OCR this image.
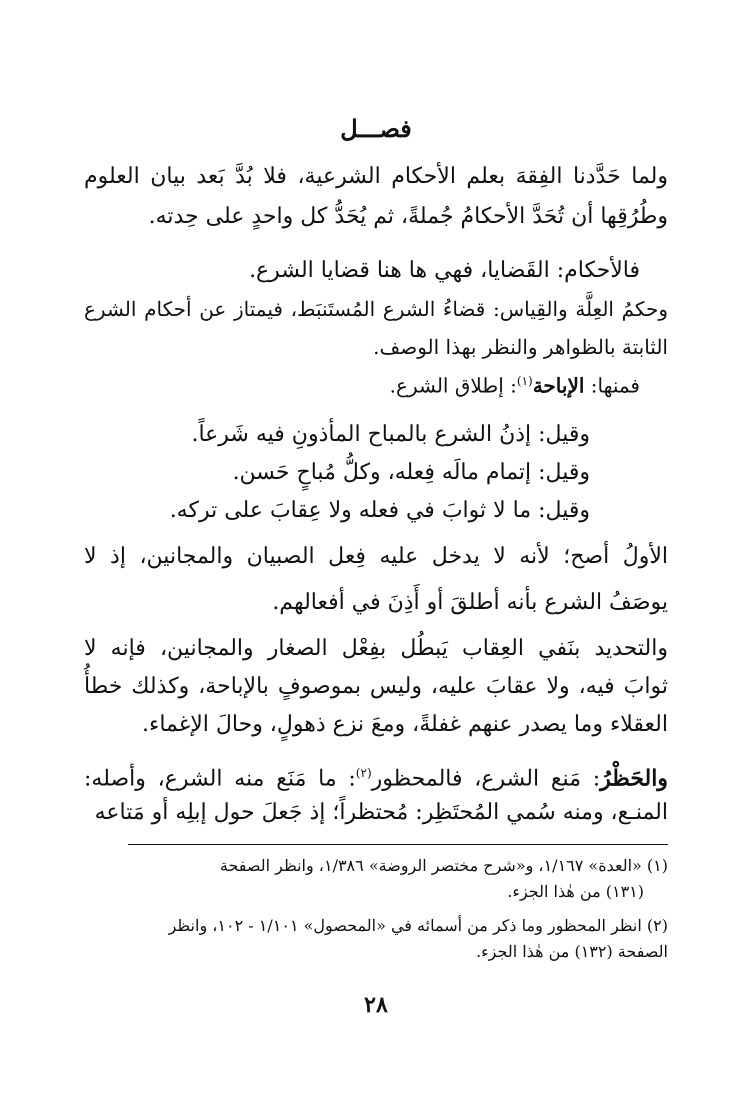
فصـــل
ولما حَدَّدنا الفِقهَ بعلم الأحكام الشرعية، فلا بُدَّ بَعد بيان العلوم
وطُرُقِها أن تُحَدَّ الأحكامُ جُملةً، ثم يُحَدُّ كل واحدٍ على حِدته.
فالأحكام: القَضايا، فهي ها هنا قضايا الشرع.
وحكمُ العِلَّة والقِياس: قضاءُ الشرع المُستَنبَط، فيمتاز عن أحكام الشرع
الثابتة بالظواهر والنظر بهذا الوصف.
فمنها: الإباحة$^{(١)}$: إطلاق الشرع.
وقيل: إذنُ الشرع بالمباح المأذونِ فيه شَرعاً.
وقيل: إتمام مالَه فِعله، وكلُّ مُباحٍ حَسن.
وقيل: ما لا ثوابَ في فعله ولا عِقابَ على تركه.
الأولُ أصح؛ لأنه لا يدخل عليه فِعل الصبيان والمجانين، إذ لا
يوصَفُ الشرع بأنه أطلقَ أو أَذِنَ في أفعالهم.
والتحديد بنَفي العِقاب يَبطُل بفِعْل الصغار والمجانين، فإنه لا
ثوابَ فيه، ولا عقابَ عليه، وليس بموصوفٍ بالإباحة، وكذلك خطأُ
العقلاء وما يصدر عنهم غفلةً، ومعَ نزع ذهولٍ، وحالَ الإغماء.
والحَظْرُ: مَنع الشرع، فالمحظور$^{(٢)}$: ما مَنَع منه الشرع، وأصله:
المنـع، ومنه سُمي المُحتَظِر: مُحتظراً؛ إذ جَعلَ حول إبلِه أو مَتاعه
(١) «العدة» ١/١٦٧، و«شرح مختصر الروضة» ١/٣٨٦، وانظر الصفحة
(١٣١) من هٰذا الجزء.
(٢) انظر المحظور وما ذكر من أسمائه في «المحصول» ١/١٠١ - ١٠٢، وانظر
الصفحة (١٣٢) من هٰذا الجزء.
٢٨
